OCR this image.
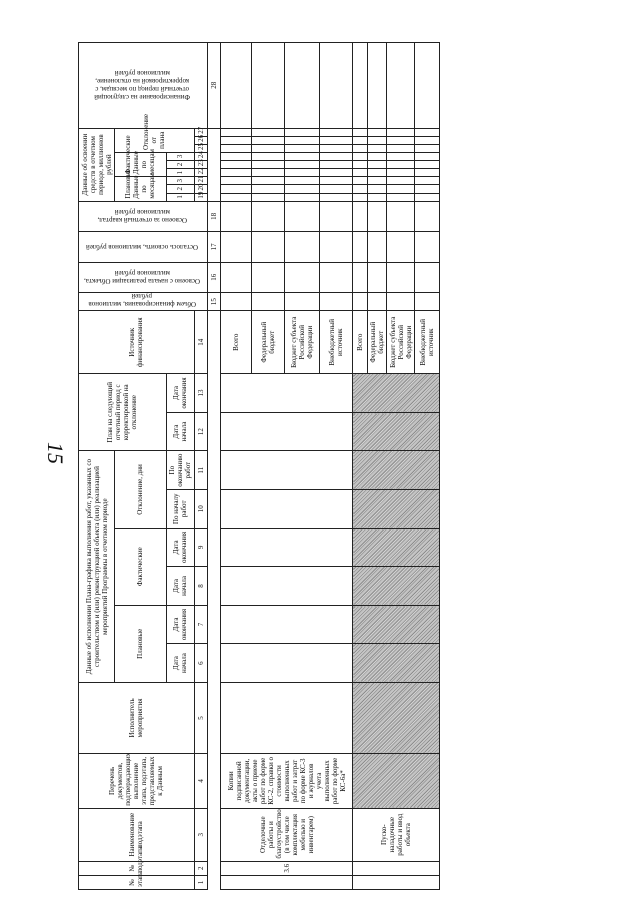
15
№ этапа	№ подэтапа	Наименование подэтапа	Перечень документов, подтверждающих выполнение этапа, подэтапа, представляемых к Данным	Исполнитель мероприятия	Данные об исполнении Плана-графика выполнения работ, указанных со строительством и (или) реконструкцией объекта (или) реализацией мероприятий Программы в отчетном периоде						План на следующий отчетный период с корректировкой на отклонение		Источник финансирования	Объем финансирования, миллионов рублей	Освоено с начала реализации Объекта, миллионов рублей	Осталось освоить, миллионов рублей	Освоено за отчетный квартал, миллионов рублей	Данные об освоении средств в отчетном периоде, миллионов рублей									Финансирование на следующий отчетный период по месяцам, с корректировкой на отклонение, миллионов рублей
					Плановые		Фактические		Отклонение, дни									Плановые Данные по месяцам			Фактические Данные по месяцам			Отклонение от плана			
					Дата начала	Дата окончания	Дата начала	Дата окончания	По началу работ	По окончанию работ	Дата начала	Дата окончания						1	2	3	1	2	3				
1	2	3	4	5	6	7	8	9	10	11	12	13	14					19	20	21	22	23	24	25	26	27	
														15	16	17	18										28
	3.6	Отделочные работы и благоустройство (в том числе комплектация мебелью и инвентарем)	Копии подписанной документации, акты о приеме работ по форме КС-2, справки о стоимости выполненных работ и затрат по форме КС-3 и журналов учета выполненных работ по форме КС-6а*										Всего														
													Федеральный бюджет														
													Бюджет субъекта Российской Федерации														
													Внебюджетный источник														
		Пуско-наладочные работы и ввод объекта											Всего														
													Федеральный бюджет														
													Бюджет субъекта Российской Федерации														
													Внебюджетный источник														
